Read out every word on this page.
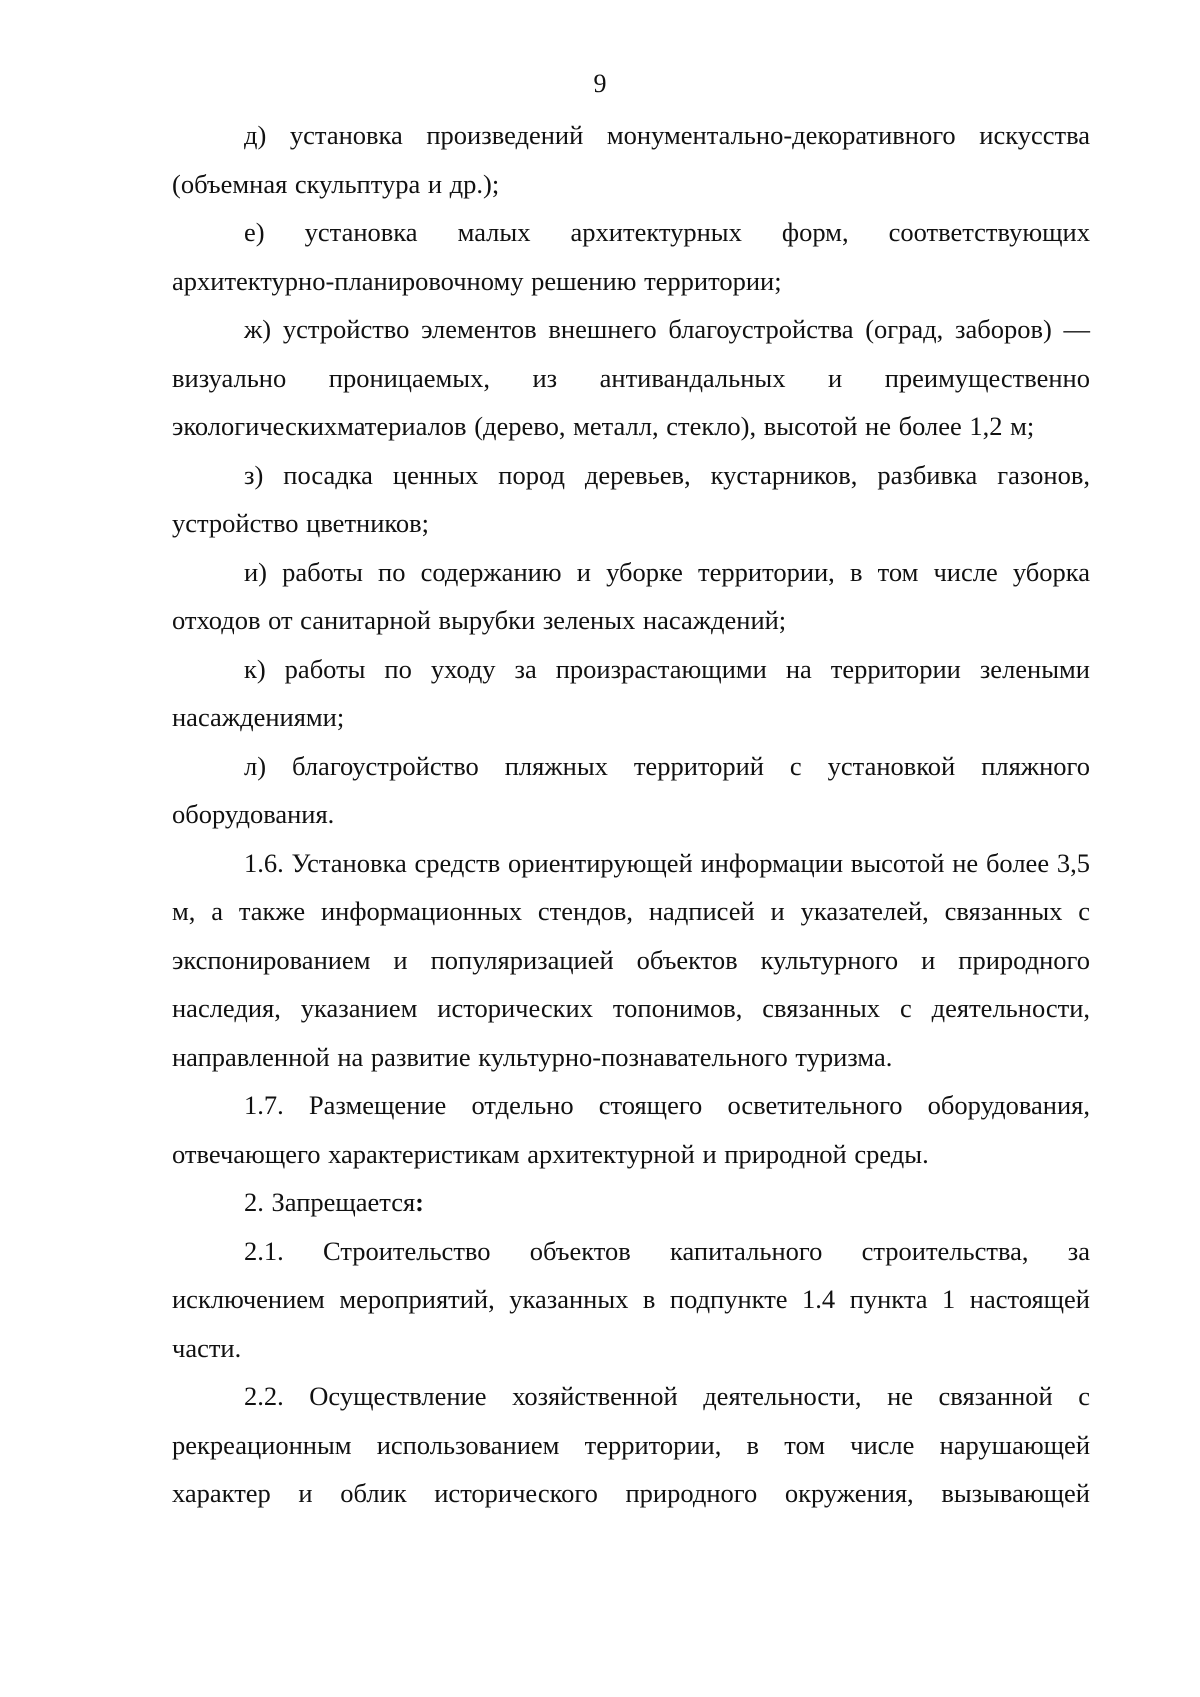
9

д) установка произведений монументально-декоративного искусства (объемная скульптура и др.);

е) установка малых архитектурных форм, соответствующих архитектурно-планировочному решению территории;

ж) устройство элементов внешнего благоустройства (оград, заборов) — визуально проницаемых, из антивандальных и преимущественно экологическихматериалов (дерево, металл, стекло), высотой не более 1,2 м;

з) посадка ценных пород деревьев, кустарников, разбивка газонов, устройство цветников;

и) работы по содержанию и уборке территории, в том числе уборка отходов от санитарной вырубки зеленых насаждений;

к) работы по уходу за произрастающими на территории зелеными насаждениями;

л) благоустройство пляжных территорий с установкой пляжного оборудования.

1.6. Установка средств ориентирующей информации высотой не более 3,5 м, а также информационных стендов, надписей и указателей, связанных с экспонированием и популяризацией объектов культурного и природного наследия, указанием исторических топонимов, связанных с деятельности, направленной на развитие культурно-познавательного туризма.

1.7. Размещение отдельно стоящего осветительного оборудования, отвечающего характеристикам архитектурной и природной среды.

2. Запрещается:

2.1. Строительство объектов капитального строительства, за исключением мероприятий, указанных в подпункте 1.4 пункта 1 настоящей части.

2.2. Осуществление хозяйственной деятельности, не связанной с рекреационным использованием территории, в том числе нарушающей характер и облик исторического природного окружения, вызывающей
